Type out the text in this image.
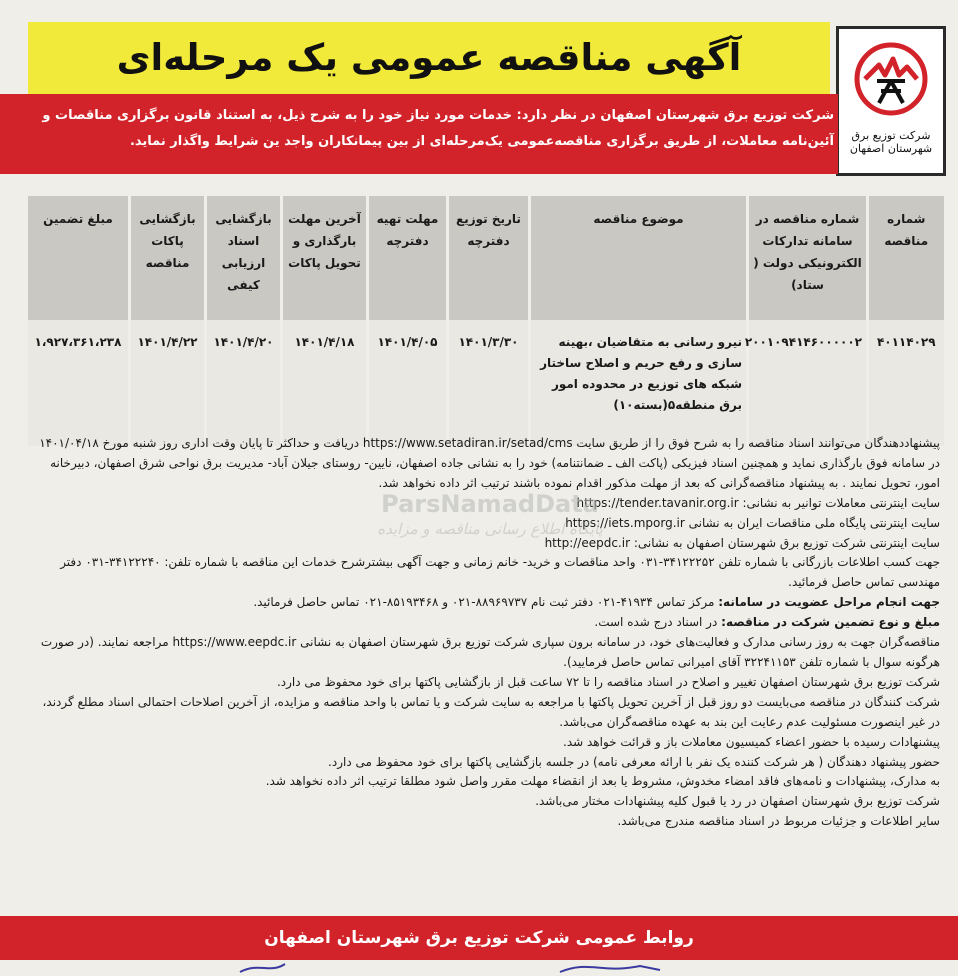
شرکت توزیع برق
شهرستان اصفهان
آگهی مناقصه عمومی یک مرحله‌ای
شرکت توزیع برق شهرستان اصفهان در نظر دارد: خدمات مورد نیاز خود را به شرح ذیل، به استناد قانون برگزاری مناقصات و آئین‌نامه معاملات، از طریق برگزاری مناقصه‌عمومی یک‌مرحله‌ای از بین پیمانکاران واجد ین شرایط واگذار نماید.
شماره مناقصه	شماره مناقصه در سامانه تدارکات الکترونیکی دولت ( ستاد)	موضوع مناقصه	تاریخ توزیع دفترچه	مهلت تهیه دفترچه	آخرین مهلت بارگذاری و تحویل پاکات	بازگشایی اسناد ارزیابی کیفی	بازگشایی پاکات مناقصه	مبلغ تضمین
۴۰۱۱۴۰۲۹	۲۰۰۱۰۹۴۱۴۶۰۰۰۰۰۲	نیرو رسانی به متقاضیان ،بهینه سازی و رفع حریم و اصلاح ساختار شبکه های توزیع در محدوده امور برق منطقه۵(بسته۱۰)	۱۴۰۱/۳/۳۰	۱۴۰۱/۴/۰۵	۱۴۰۱/۴/۱۸	۱۴۰۱/۴/۲۰	۱۴۰۱/۴/۲۲	۱،۹۲۷،۳۶۱،۲۳۸

پیشنهاددهندگان می‌توانند اسناد مناقصه را به شرح فوق را از طریق سایت https://www.setadiran.ir/setad/cms دریافت و حداکثر تا پایان وقت اداری روز شنبه مورخ ۱۴۰۱/۰۴/۱۸ در سامانه فوق بارگذاری نماید و همچنین اسناد فیزیکی (پاکت الف ـ ضمانتنامه) خود را به نشانی جاده اصفهان، نایین- روستای جیلان آباد- مدیریت برق نواحی شرق اصفهان، دبیرخانه امور، تحویل نمایند . به پیشنهاد مناقصه‌گرانی که بعد از مهلت مذکور اقدام نموده باشند ترتیب اثر داده نخواهد شد.

سایت اینترنتی معاملات توانیر به نشانی: https://tender.tavanir.org.ir

سایت اینترنتی پایگاه ملی مناقصات ایران به نشانی https://iets.mporg.ir

سایت اینترنتی شرکت توزیع برق شهرستان اصفهان به نشانی: http://eepdc.ir

جهت کسب اطلاعات بازرگانی با شماره تلفن ۳۴۱۲۲۲۵۲-۰۳۱ واحد مناقصات و خرید- خانم زمانی و جهت آگهی بیشترشرح خدمات این مناقصه با شماره تلفن: ۳۴۱۲۲۲۴۰-۰۳۱ دفتر مهندسی تماس حاصل فرمائید.

جهت انجام مراحل عضویت در سامانه: مرکز تماس ۴۱۹۳۴-۰۲۱ دفتر ثبت نام ۸۸۹۶۹۷۳۷-۰۲۱ و ۸۵۱۹۳۴۶۸-۰۲۱ تماس حاصل فرمائید.

مبلغ و نوع تضمین شرکت در مناقصه: در اسناد درج شده است.

مناقصه‌گران جهت به روز رسانی مدارک و فعالیت‌های خود، در سامانه برون سپاری شرکت توزیع برق شهرستان اصفهان به نشانی https://www.eepdc.ir مراجعه نمایند. (در صورت هرگونه سوال با شماره تلفن ۳۲۲۴۱۱۵۳ آقای امیرانی تماس حاصل فرمایید).

شرکت توزیع برق شهرستان اصفهان تغییر و اصلاح در اسناد مناقصه را تا ۷۲ ساعت قبل از بازگشایی پاکتها برای خود محفوظ می دارد.

شرکت کنندگان در مناقصه می‌بایست دو روز قبل از آخرین تحویل پاکتها با مراجعه به سایت شرکت و یا تماس با واحد مناقصه و مزایده، از آخرین اصلاحات احتمالی اسناد مطلع گردند، در غیر اینصورت مسئولیت عدم رعایت این بند به عهده مناقصه‌گران می‌باشد.

پیشنهادات رسیده با حضور اعضاء کمیسیون معاملات باز و قرائت خواهد شد.

حضور پیشنهاد دهندگان ( هر شرکت کننده یک نفر با ارائه معرفی نامه) در جلسه بازگشایی پاکتها برای خود محفوظ می دارد.

به مدارک، پیشنهادات و نامه‌های فاقد امضاء مخدوش، مشروط یا بعد از انقضاء مهلت مقرر واصل شود مطلقا ترتیب اثر داده نخواهد شد.

شرکت توزیع برق شهرستان اصفهان در رد یا قبول کلیه پیشنهادات مختار می‌باشد.

سایر اطلاعات و جزئیات مربوط در اسناد مناقصه مندرج می‌باشد.

ParsNamadData
پایگاه اطلاع رسانی مناقصه و مزایده
روابط عمومی شرکت توزیع برق شهرستان اصفهان
